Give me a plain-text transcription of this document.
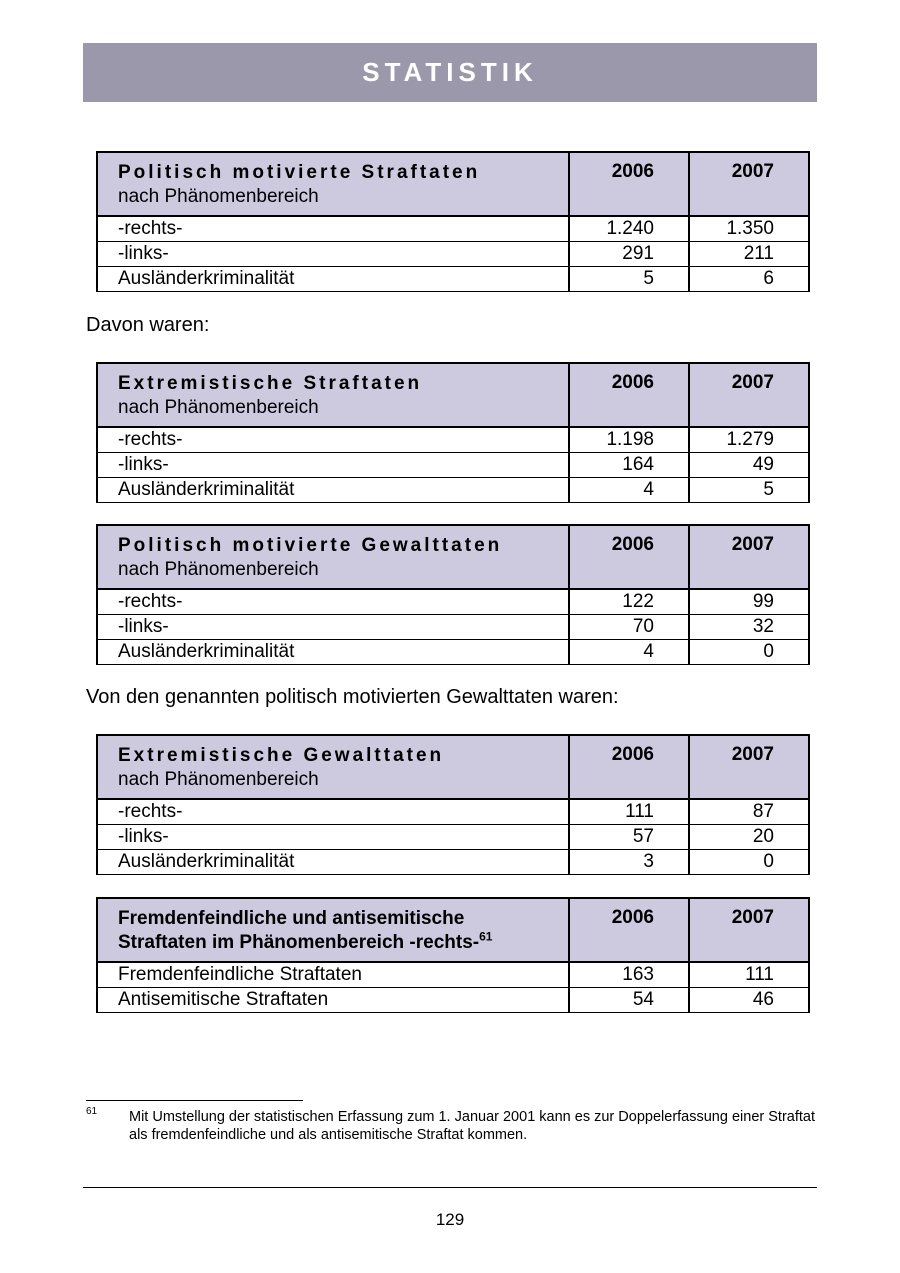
STATISTIK
Politisch motivierte Straftaten
nach Phänomenbereich	2006	2007
-rechts-	1.240	1.350
-links-	291	211
Ausländerkriminalität	5	6
Davon waren:
Extremistische Straftaten
nach Phänomenbereich	2006	2007
-rechts-	1.198	1.279
-links-	164	49
Ausländerkriminalität	4	5
Politisch motivierte Gewalttaten
nach Phänomenbereich	2006	2007
-rechts-	122	99
-links-	70	32
Ausländerkriminalität	4	0
Von den genannten politisch motivierten Gewalttaten waren:
Extremistische Gewalttaten
nach Phänomenbereich	2006	2007
-rechts-	111	87
-links-	57	20
Ausländerkriminalität	3	0
Fremdenfeindliche und antisemitische
Straftaten im Phänomenbereich -rechts-$^{61}$	2006	2007
Fremdenfeindliche Straftaten	163	111
Antisemitische Straftaten	54	46
61 Mit Umstellung der statistischen Erfassung zum 1. Januar 2001 kann es zur Doppelerfassung einer Straftat als fremdenfeindliche und als antisemitische Straftat kommen.
129
